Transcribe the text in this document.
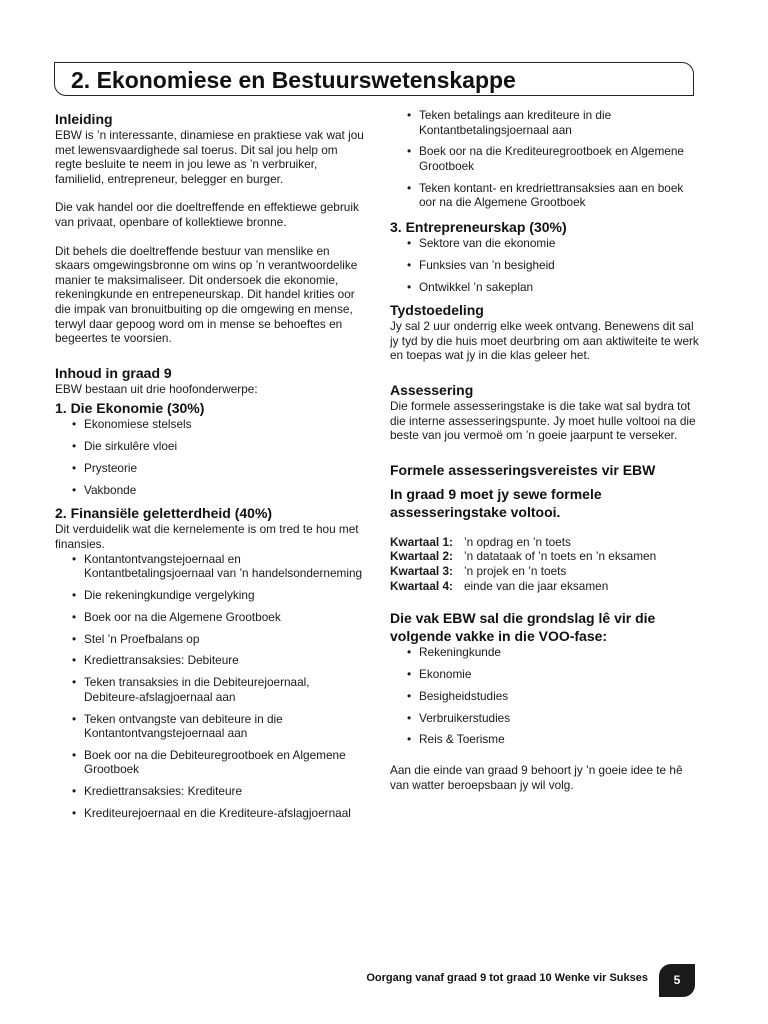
2. Ekonomiese en Bestuurswetenskappe
Inleiding

EBW is ’n interessante, dinamiese en praktiese vak wat jou met lewensvaardighede sal toerus. Dit sal jou help om regte besluite te neem in jou lewe as ’n verbruiker, familielid, entrepreneur, belegger en burger.

Die vak handel oor die doeltreffende en effektiewe gebruik van privaat, openbare of kollektiewe bronne.

Dit behels die doeltreffende bestuur van menslike en skaars omgewingsbronne om wins op ’n verantwoordelike manier te maksimaliseer. Dit ondersoek die ekonomie, rekeningkunde en entrepeneurskap. Dit handel krities oor die impak van bronuitbuiting op die omgewing en mense, terwyl daar gepoog word om in mense se behoeftes en begeertes te voorsien.

Inhoud in graad 9

EBW bestaan uit drie hoofonderwerpe:

1. Die Ekonomie (30%)
• Ekonomiese stelsels
• Die sirkulêre vloei
• Prysteorie
• Vakbonde
2. Finansiële geletterdheid (40%)

Dit verduidelik wat die kernelemente is om tred te hou met finansies.

• Kontantontvangstejoernaal en Kontantbetalingsjoernaal van ’n handelsonderneming
• Die rekeningkundige vergelyking
• Boek oor na die Algemene Grootboek
• Stel ’n Proefbalans op
• Krediettransaksies: Debiteure
• Teken transaksies in die Debiteurejoernaal, Debiteure-afslagjoernaal aan
• Teken ontvangste van debiteure in die Kontantontvangstejoernaal aan
• Boek oor na die Debiteuregrootboek en Algemene Grootboek
• Krediettransaksies: Krediteure
• Krediteurejoernaal en die Krediteure-afslagjoernaal
• Teken betalings aan krediteure in die Kontantbetalingsjoernaal aan
• Boek oor na die Krediteuregrootboek en Algemene Grootboek
• Teken kontant- en kredriettransaksies aan en boek oor na die Algemene Grootboek
3. Entrepreneurskap (30%)
• Sektore van die ekonomie
• Funksies van ’n besigheid
• Ontwikkel ’n sakeplan
Tydstoedeling

Jy sal 2 uur onderrig elke week ontvang. Benewens dit sal jy tyd by die huis moet deurbring om aan aktiwiteite te werk en toepas wat jy in die klas geleer het.

Assessering

Die formele assesseringstake is die take wat sal bydra tot die interne assesseringspunte. Jy moet hulle voltooi na die beste van jou vermoë om ’n goeie jaarpunt te verseker.

Formele assesseringsvereistes vir EBW

In graad 9 moet jy sewe formele assesseringstake voltooi.

Kwartaal 1: ’n opdrag en ’n toets
Kwartaal 2: ’n datataak of ’n toets en ’n eksamen
Kwartaal 3: ’n projek en ’n toets
Kwartaal 4: einde van die jaar eksamen

Die vak EBW sal die grondslag lê vir die volgende vakke in die VOO-fase:

• Rekeningkunde
• Ekonomie
• Besigheidstudies
• Verbruikerstudies
• Reis & Toerisme

Aan die einde van graad 9 behoort jy ’n goeie idee te hê van watter beroepsbaan jy wil volg.

Oorgang vanaf graad 9 tot graad 10 Wenke vir Sukses	5
